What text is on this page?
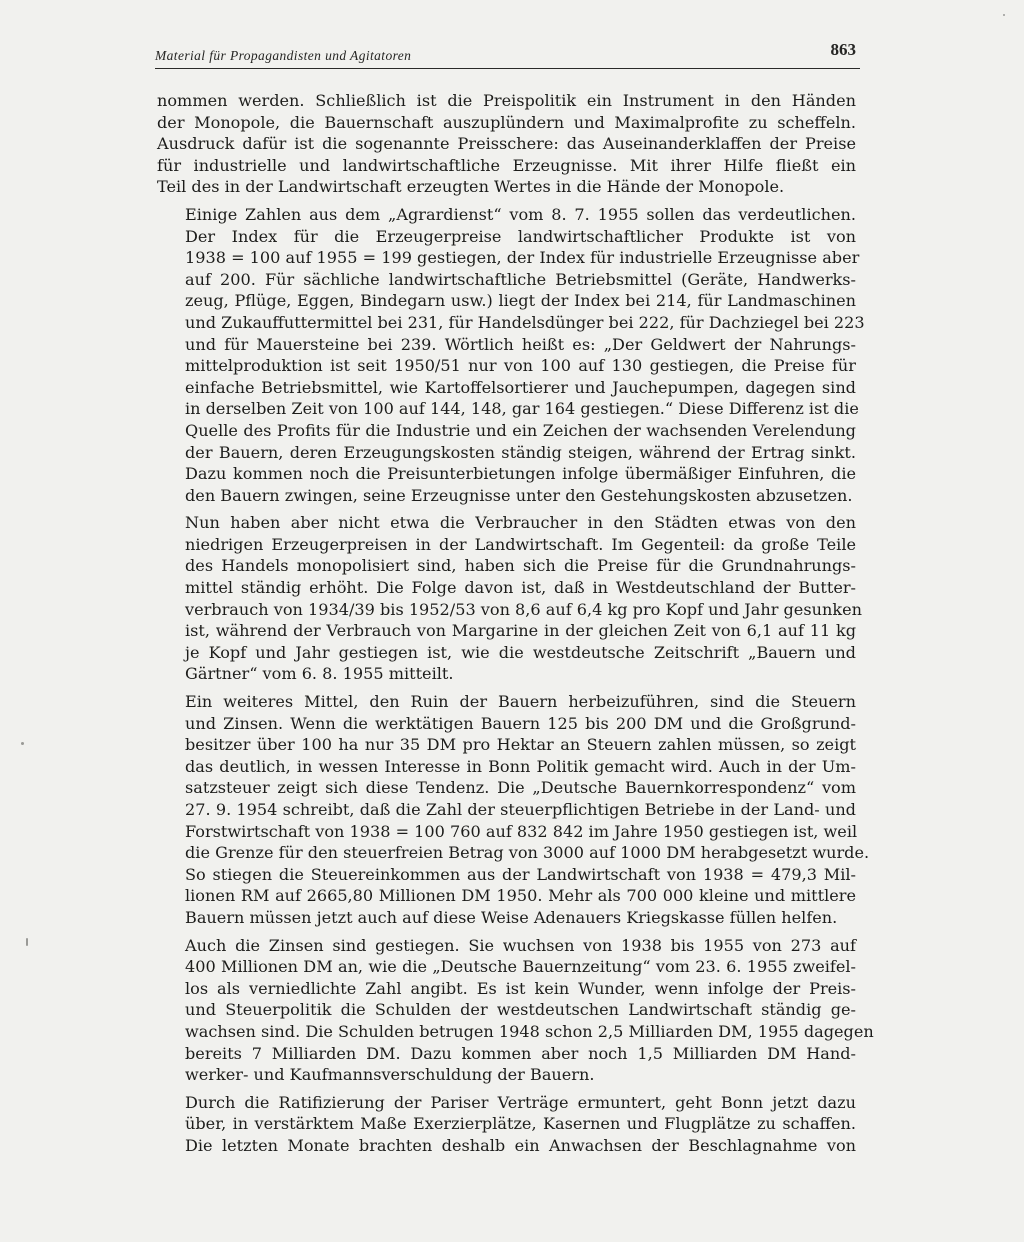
Material für Propagandisten und Agitatoren	863
nommen werden. Schließlich ist die Preispolitik ein Instrument in den Händen
der Monopole, die Bauernschaft auszuplündern und Maximalprofite zu scheffeln.
Ausdruck dafür ist die sogenannte Preisschere: das Auseinanderklaffen der Preise
für industrielle und landwirtschaftliche Erzeugnisse. Mit ihrer Hilfe fließt ein
Teil des in der Landwirtschaft erzeugten Wertes in die Hände der Monopole.
Einige Zahlen aus dem „Agrardienst“ vom 8. 7. 1955 sollen das verdeutlichen.
Der Index für die Erzeugerpreise landwirtschaftlicher Produkte ist von
1938 = 100 auf 1955 = 199 gestiegen, der Index für industrielle Erzeugnisse aber
auf 200. Für sächliche landwirtschaftliche Betriebsmittel (Geräte, Handwerks-
zeug, Pflüge, Eggen, Bindegarn usw.) liegt der Index bei 214, für Landmaschinen
und Zukauffuttermittel bei 231, für Handelsdünger bei 222, für Dachziegel bei 223
und für Mauersteine bei 239. Wörtlich heißt es: „Der Geldwert der Nahrungs-
mittelproduktion ist seit 1950/51 nur von 100 auf 130 gestiegen, die Preise für
einfache Betriebsmittel, wie Kartoffelsortierer und Jauchepumpen, dagegen sind
in derselben Zeit von 100 auf 144, 148, gar 164 gestiegen.“ Diese Differenz ist die
Quelle des Profits für die Industrie und ein Zeichen der wachsenden Verelendung
der Bauern, deren Erzeugungskosten ständig steigen, während der Ertrag sinkt.
Dazu kommen noch die Preisunterbietungen infolge übermäßiger Einfuhren, die
den Bauern zwingen, seine Erzeugnisse unter den Gestehungskosten abzusetzen.
Nun haben aber nicht etwa die Verbraucher in den Städten etwas von den
niedrigen Erzeugerpreisen in der Landwirtschaft. Im Gegenteil: da große Teile
des Handels monopolisiert sind, haben sich die Preise für die Grundnahrungs-
mittel ständig erhöht. Die Folge davon ist, daß in Westdeutschland der Butter-
verbrauch von 1934/39 bis 1952/53 von 8,6 auf 6,4 kg pro Kopf und Jahr gesunken
ist, während der Verbrauch von Margarine in der gleichen Zeit von 6,1 auf 11 kg
je Kopf und Jahr gestiegen ist, wie die westdeutsche Zeitschrift „Bauern und
Gärtner“ vom 6. 8. 1955 mitteilt.
Ein weiteres Mittel, den Ruin der Bauern herbeizuführen, sind die Steuern
und Zinsen. Wenn die werktätigen Bauern 125 bis 200 DM und die Großgrund-
besitzer über 100 ha nur 35 DM pro Hektar an Steuern zahlen müssen, so zeigt
das deutlich, in wessen Interesse in Bonn Politik gemacht wird. Auch in der Um-
satzsteuer zeigt sich diese Tendenz. Die „Deutsche Bauernkorrespondenz“ vom
27. 9. 1954 schreibt, daß die Zahl der steuerpflichtigen Betriebe in der Land- und
Forstwirtschaft von 1938 = 100 760 auf 832 842 im Jahre 1950 gestiegen ist, weil
die Grenze für den steuerfreien Betrag von 3000 auf 1000 DM herabgesetzt wurde.
So stiegen die Steuereinkommen aus der Landwirtschaft von 1938 = 479,3 Mil-
lionen RM auf 2665,80 Millionen DM 1950. Mehr als 700 000 kleine und mittlere
Bauern müssen jetzt auch auf diese Weise Adenauers Kriegskasse füllen helfen.
Auch die Zinsen sind gestiegen. Sie wuchsen von 1938 bis 1955 von 273 auf
400 Millionen DM an, wie die „Deutsche Bauernzeitung“ vom 23. 6. 1955 zweifel-
los als verniedlichte Zahl angibt. Es ist kein Wunder, wenn infolge der Preis-
und Steuerpolitik die Schulden der westdeutschen Landwirtschaft ständig ge-
wachsen sind. Die Schulden betrugen 1948 schon 2,5 Milliarden DM, 1955 dagegen
bereits 7 Milliarden DM. Dazu kommen aber noch 1,5 Milliarden DM Hand-
werker- und Kaufmannsverschuldung der Bauern.
Durch die Ratifizierung der Pariser Verträge ermuntert, geht Bonn jetzt dazu
über, in verstärktem Maße Exerzierplätze, Kasernen und Flugplätze zu schaffen.
Die letzten Monate brachten deshalb ein Anwachsen der Beschlagnahme von
